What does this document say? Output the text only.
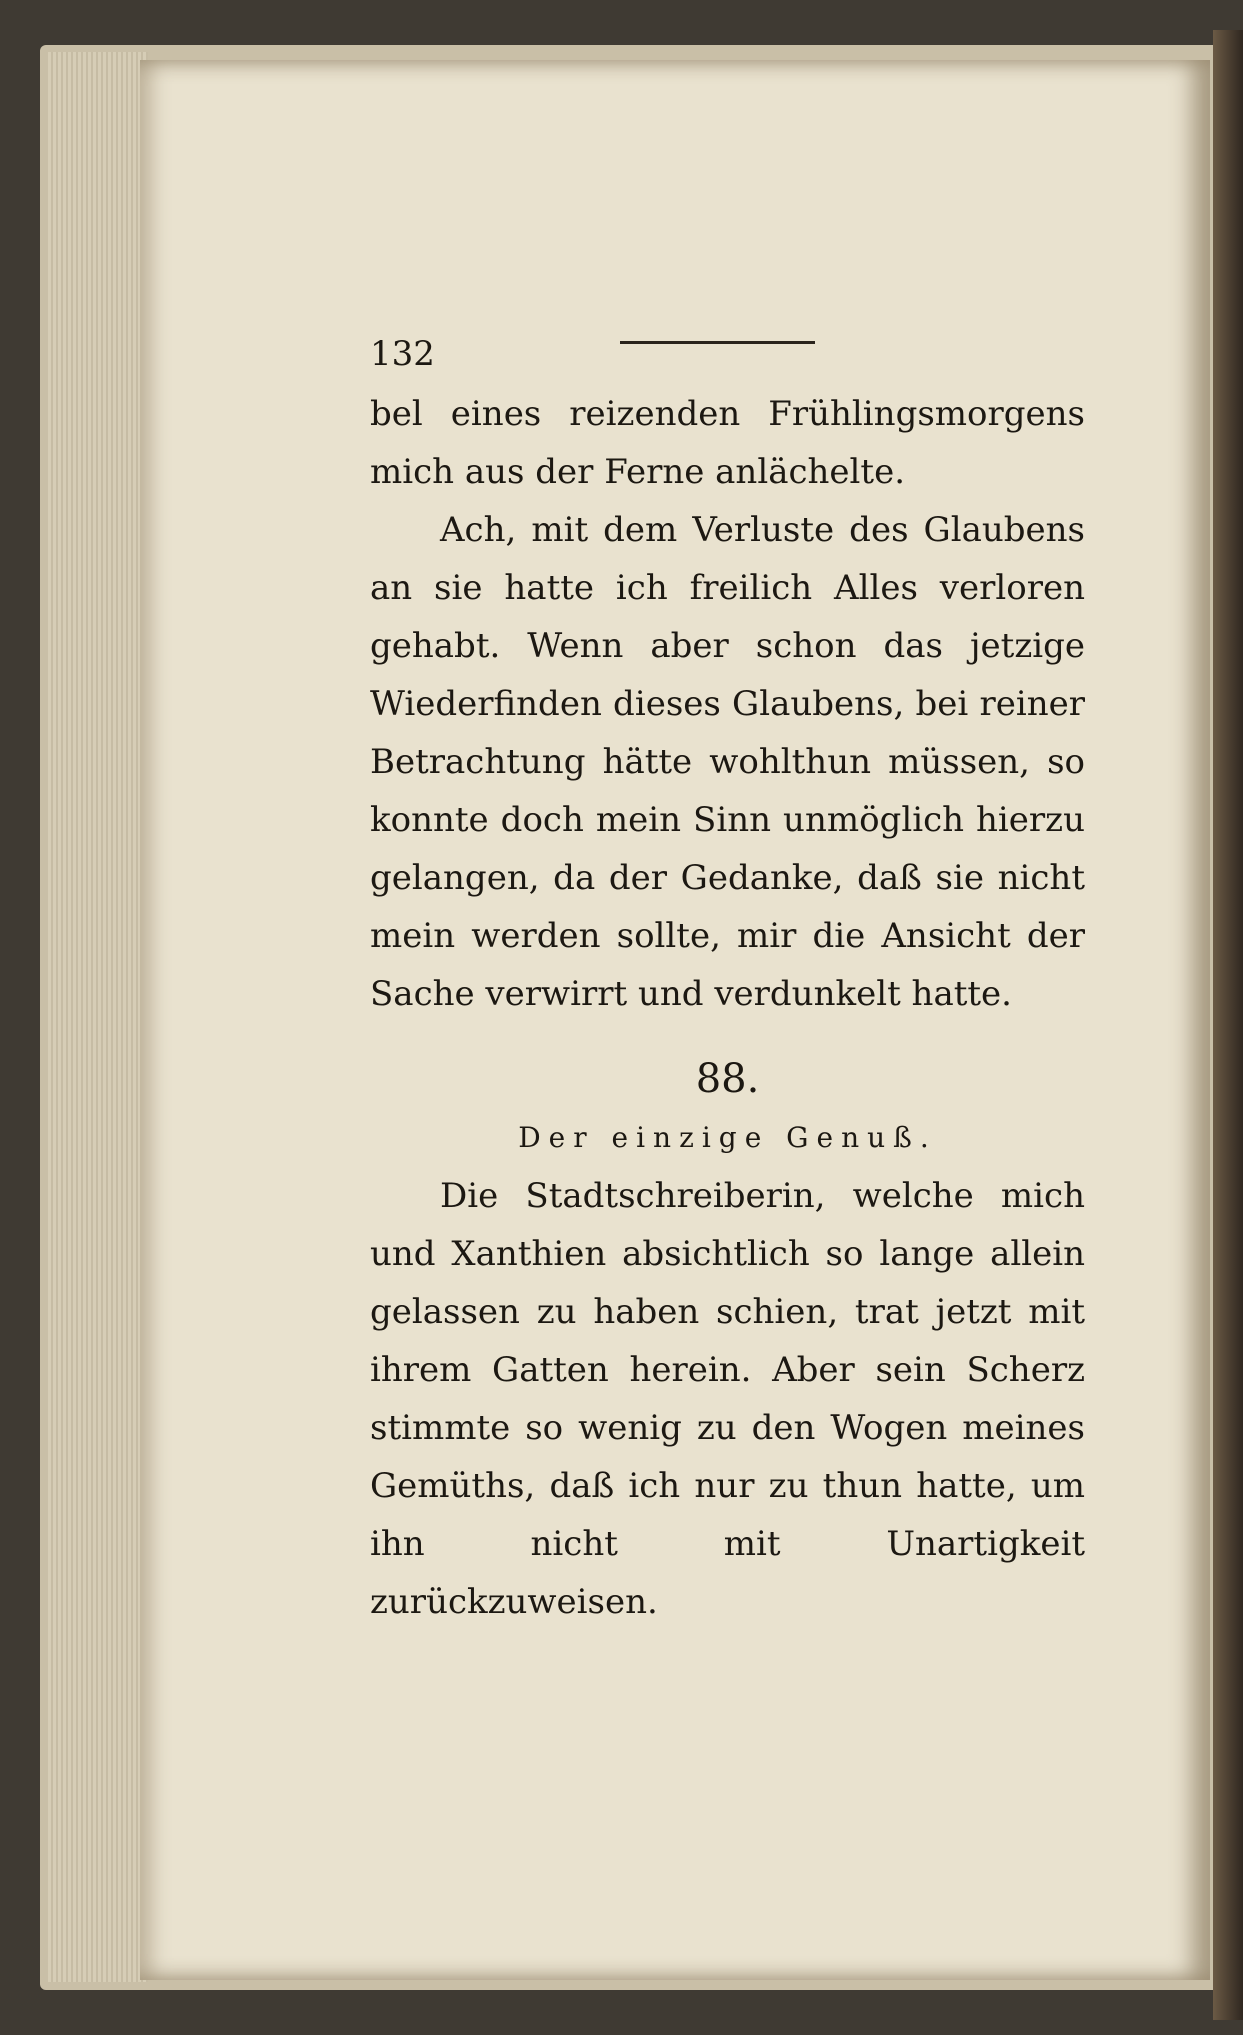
132

bel eines reizenden Frühlingsmorgens mich aus der Ferne anlächelte.

Ach, mit dem Verluste des Glaubens an sie hatte ich freilich Alles verloren gehabt. Wenn aber schon das jetzige Wiederfinden dieses Glaubens, bei reiner Betrachtung hätte wohlthun müssen, so konnte doch mein Sinn unmöglich hierzu gelangen, da der Gedanke, daß sie nicht mein werden sollte, mir die Ansicht der Sache verwirrt und verdunkelt hatte.

88.
Der einzige Genuß.

Die Stadtschreiberin, welche mich und Xanthien absichtlich so lange allein gelassen zu haben schien, trat jetzt mit ihrem Gatten herein. Aber sein Scherz stimmte so wenig zu den Wogen meines Gemüths, daß ich nur zu thun hatte, um ihn nicht mit Unartigkeit zurückzuweisen.
